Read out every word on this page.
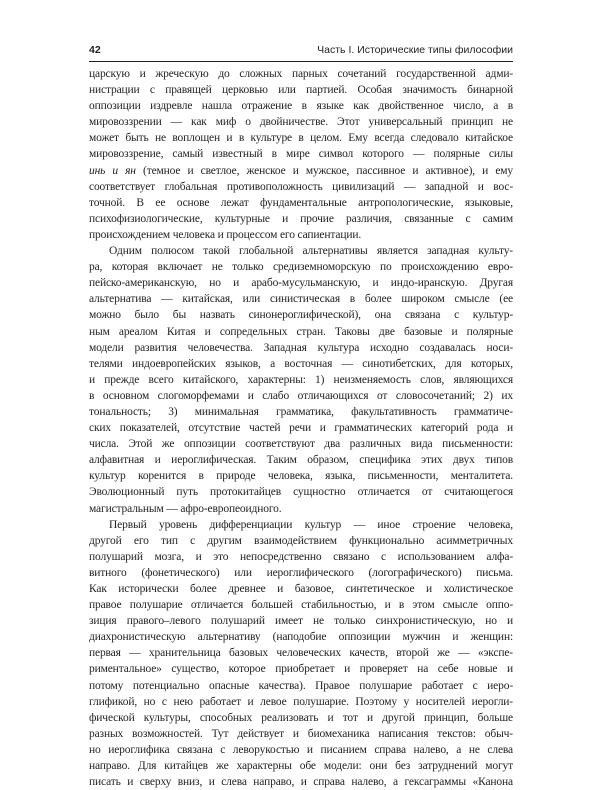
42	Часть I. Исторические типы философии
царскую и жреческую до сложных парных сочетаний государственной адми-
нистрации с правящей церковью или партией. Особая значимость бинарной
оппозиции издревле нашла отражение в языке как двойственное число, а в
мировоззрении — как миф о двойничестве. Этот универсальный принцип не
может быть не воплощен и в культуре в целом. Ему всегда следовало китайское
мировоззрение, самый известный в мире символ которого — полярные силы
инь и ян (темное и светлое, женское и мужское, пассивное и активное), и ему
соответствует глобальная противоположность цивилизаций — западной и вос-
точной. В ее основе лежат фундаментальные антропологические, языковые,
психофизиологические, культурные и прочие различия, связанные с самим
происхождением человека и процессом его сапиентации.
Одним полюсом такой глобальной альтернативы является западная культу-
ра, которая включает не только средиземноморскую по происхождению евро-
пейско-американскую, но и арабо-мусульманскую, и индо-иранскую. Другая
альтернатива — китайская, или синистическая в более широком смысле (ее
можно было бы назвать синонероглифической), она связана с культур-
ным ареалом Китая и сопредельных стран. Таковы две базовые и полярные
модели развития человечества. Западная культура исходно создавалась носи-
телями индоевропейских языков, а восточная — синотибетских, для которых,
и прежде всего китайского, характерны: 1) неизменяемость слов, являющихся
в основном слогоморфемами и слабо отличающихся от словосочетаний; 2) их
тональность; 3) минимальная грамматика, факультативность грамматиче-
ских показателей, отсутствие частей речи и грамматических категорий рода и
числа. Этой же оппозиции соответствуют два различных вида письменности:
алфавитная и иероглифическая. Таким образом, специфика этих двух типов
культур коренится в природе человека, языка, письменности, менталитета.
Эволюционный путь протокитайцев сущностно отличается от считающегося
магистральным — афро-европеоидного.
Первый уровень дифференциации культур — иное строение человека,
другой его тип с другим взаимодействием функционально асимметричных
полушарий мозга, и это непосредственно связано с использованием алфа-
витного (фонетического) или иероглифического (логографического) письма.
Как исторически более древнее и базовое, синтетическое и холистическое
правое полушарие отличается большей стабильностью, и в этом смысле оппо-
зиция правого–левого полушарий имеет не только синхронистическую, но и
диахронистическую альтернативу (наподобие оппозиции мужчин и женщин:
первая — хранительница базовых человеческих качеств, второй же — «экспе-
риментальное» существо, которое приобретает и проверяет на себе новые и
потому потенциально опасные качества). Правое полушарие работает с иеро-
глификой, но с нею работает и левое полушарие. Поэтому у носителей иерогли-
фической культуры, способных реализовать и тот и другой принцип, больше
разных возможностей. Тут действует и биомеханика написания текстов: обыч-
но иероглифика связана с леворукостью и писанием справа налево, а не слева
направо. Для китайцев же характерны обе модели: они без затруднений могут
писать и сверху вниз, и слева направо, и справа налево, а гексаграммы «Канона
